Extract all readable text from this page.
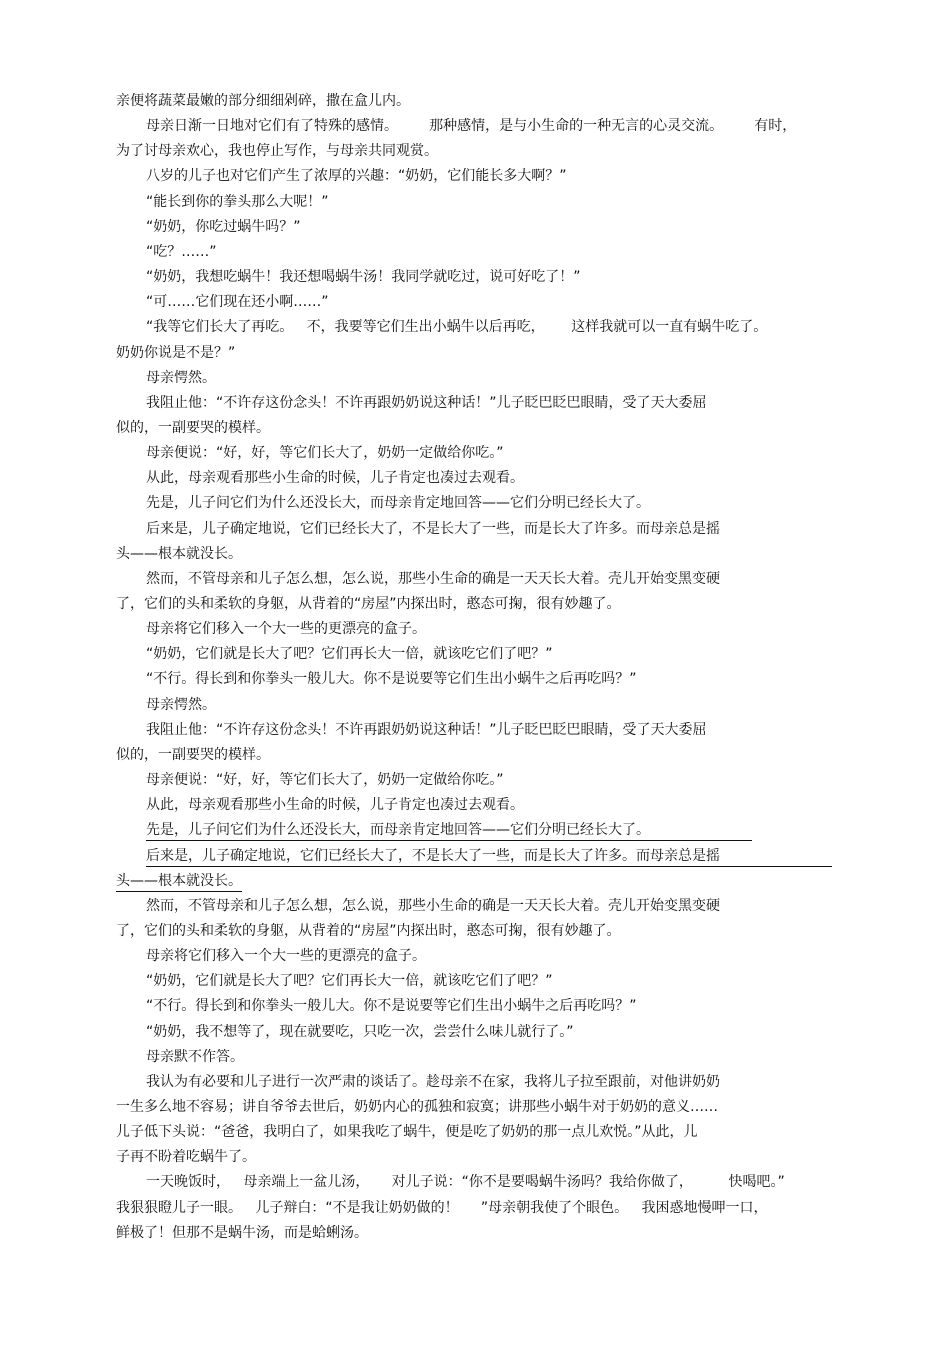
亲便将蔬菜最嫩的部分细细剁碎，撒在盒儿内。
母亲日渐一日地对它们有了特殊的感情。       那种感情，是与小生命的一种无言的心灵交流。       有时，
为了讨母亲欢心，我也停止写作，与母亲共同观赏。
八岁的儿子也对它们产生了浓厚的兴趣：“奶奶，它们能长多大啊？”
“能长到你的拳头那么大呢！”
“奶奶，你吃过蜗牛吗？”
“吃？……”
“奶奶，我想吃蜗牛！我还想喝蜗牛汤！我同学就吃过，说可好吃了！”
“可……它们现在还小啊……”
“我等它们长大了再吃。   不，我要等它们生出小蜗牛以后再吃，      这样我就可以一直有蜗牛吃了。
奶奶你说是不是？”
母亲愕然。
我阻止他：“不许存这份念头！不许再跟奶奶说这种话！”儿子眨巴眨巴眼睛，受了天大委屈
似的，一副要哭的模样。
母亲便说：“好，好，等它们长大了，奶奶一定做给你吃。”
从此，母亲观看那些小生命的时候，儿子肯定也凑过去观看。
先是，儿子问它们为什么还没长大，而母亲肯定地回答——它们分明已经长大了。
后来是，儿子确定地说，它们已经长大了，不是长大了一些，而是长大了许多。而母亲总是摇
头——根本就没长。
然而，不管母亲和儿子怎么想，怎么说，那些小生命的确是一天天长大着。壳儿开始变黑变硬
了，它们的头和柔软的身躯，从背着的“房屋”内探出时，憨态可掬，很有妙趣了。
母亲将它们移入一个大一些的更漂亮的盒子。
“奶奶，它们就是长大了吧？它们再长大一倍，就该吃它们了吧？”
“不行。得长到和你拳头一般儿大。你不是说要等它们生出小蜗牛之后再吃吗？”
母亲愕然。
我阻止他：“不许存这份念头！不许再跟奶奶说这种话！”儿子眨巴眨巴眼睛，受了天大委屈
似的，一副要哭的模样。
母亲便说：“好，好，等它们长大了，奶奶一定做给你吃。”
从此，母亲观看那些小生命的时候，儿子肯定也凑过去观看。
先是，儿子问它们为什么还没长大，而母亲肯定地回答——它们分明已经长大了。
后来是，儿子确定地说，它们已经长大了，不是长大了一些，而是长大了许多。而母亲总是摇
头——根本就没长。
然而，不管母亲和儿子怎么想，怎么说，那些小生命的确是一天天长大着。壳儿开始变黑变硬
了，它们的头和柔软的身躯，从背着的“房屋”内探出时，憨态可掬，很有妙趣了。
母亲将它们移入一个大一些的更漂亮的盒子。
“奶奶，它们就是长大了吧？它们再长大一倍，就该吃它们了吧？”
“不行。得长到和你拳头一般儿大。你不是说要等它们生出小蜗牛之后再吃吗？”
“奶奶，我不想等了，现在就要吃，只吃一次，尝尝什么味儿就行了。”
母亲默不作答。
我认为有必要和儿子进行一次严肃的谈话了。趁母亲不在家，我将儿子拉至跟前，对他讲奶奶
一生多么地不容易；讲自爷爷去世后，奶奶内心的孤独和寂寞；讲那些小蜗牛对于奶奶的意义……
儿子低下头说：“爸爸，我明白了，如果我吃了蜗牛，便是吃了奶奶的那一点儿欢悦。”从此，儿
子再不盼着吃蜗牛了。
一天晚饭时，   母亲端上一盆儿汤，     对儿子说：“你不是要喝蜗牛汤吗？我给你做了，        快喝吧。”
我狠狠瞪儿子一眼。   儿子辩白：“不是我让奶奶做的！     ”母亲朝我使了个眼色。   我困惑地慢呷一口，
鲜极了！但那不是蜗牛汤，而是蛤蜊汤。
